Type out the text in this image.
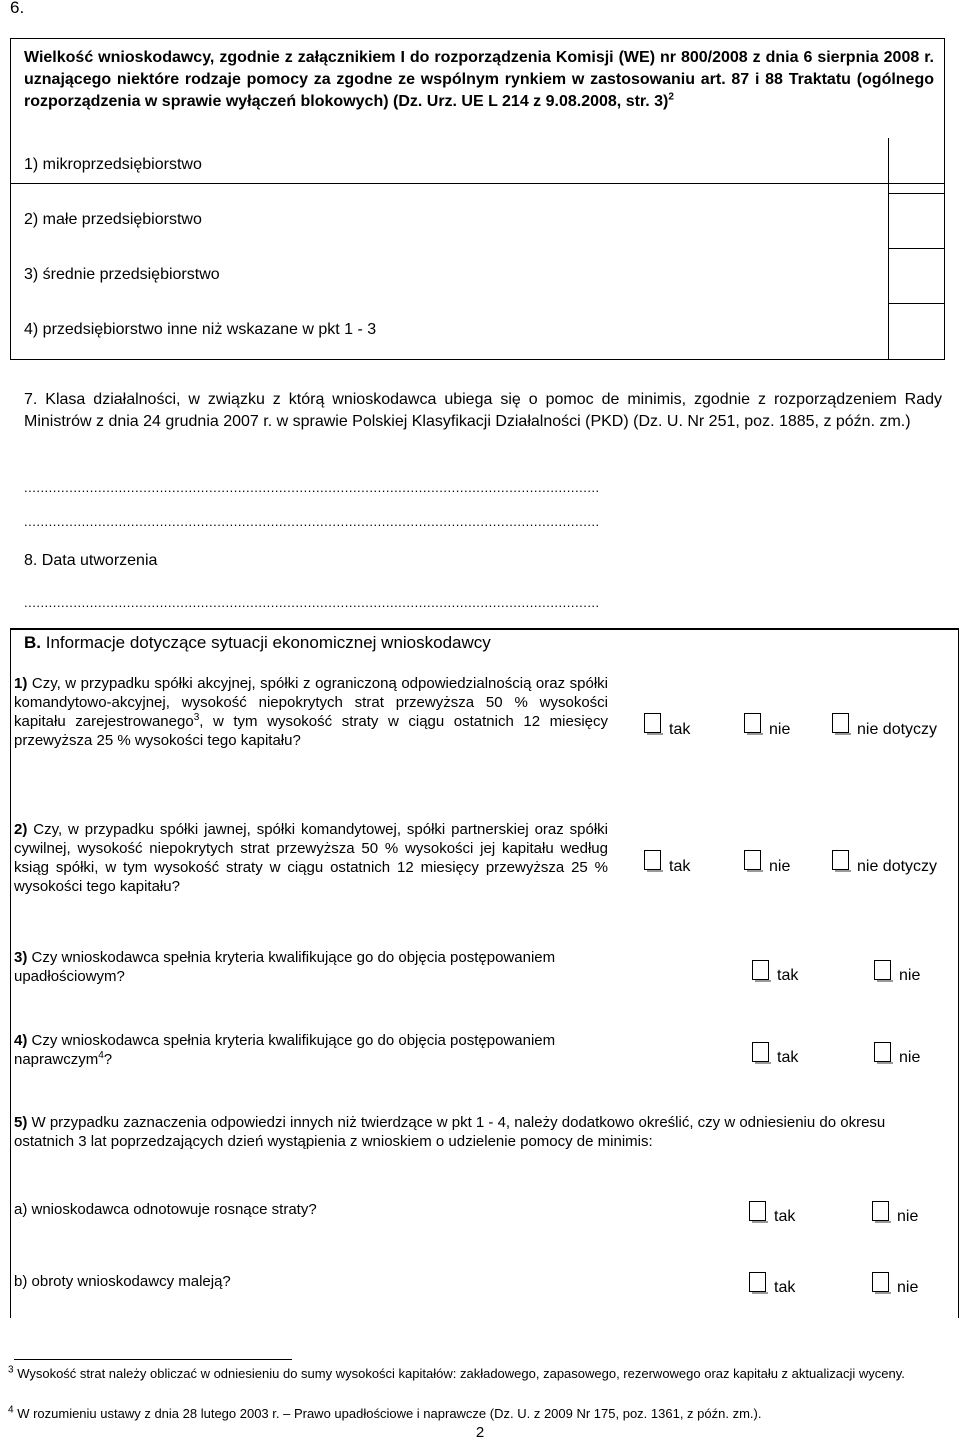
6.
Wielkość wnioskodawcy, zgodnie z załącznikiem I do rozporządzenia Komisji (WE) nr 800/2008 z dnia 6 sierpnia 2008 r. uznającego niektóre rodzaje pomocy za zgodne ze wspólnym rynkiem w zastosowaniu art. 87 i 88 Traktatu (ogólnego rozporządzenia w sprawie wyłączeń blokowych) (Dz. Urz. UE L 214 z 9.08.2008, str. 3)$^2$
1) mikroprzedsiębiorstwo
2) małe przedsiębiorstwo
3) średnie przedsiębiorstwo
4) przedsiębiorstwo inne niż wskazane w pkt 1 - 3
7. Klasa działalności, w związku z którą wnioskodawca ubiega się o pomoc de minimis, zgodnie z rozporządzeniem Rady Ministrów z dnia 24 grudnia 2007 r. w sprawie Polskiej Klasyfikacji Działalności (PKD) (Dz. U. Nr 251, poz. 1885, z późn. zm.)
............................................................................................................................................
............................................................................................................................................
8. Data utworzenia
............................................................................................................................................
B. Informacje dotyczące sytuacji ekonomicznej wnioskodawcy
1) Czy, w przypadku spółki akcyjnej, spółki z ograniczoną odpowiedzialnością oraz spółki komandytowo-akcyjnej, wysokość niepokrytych strat przewyższa 50 % wysokości kapitału zarejestrowanego$^3$, w tym wysokość straty w ciągu ostatnich 12 miesięcy przewyższa 25 % wysokości tego kapitału?
tak	nie	nie dotyczy
2) Czy, w przypadku spółki jawnej, spółki komandytowej, spółki partnerskiej oraz spółki cywilnej, wysokość niepokrytych strat przewyższa 50 % wysokości jej kapitału według ksiąg spółki, w tym wysokość straty w ciągu ostatnich 12 miesięcy przewyższa 25 % wysokości tego kapitału?
tak	nie	nie dotyczy
3) Czy wnioskodawca spełnia kryteria kwalifikujące go do objęcia postępowaniem upadłościowym?	tak	nie
4) Czy wnioskodawca spełnia kryteria kwalifikujące go do objęcia postępowaniem naprawczym$^4$?	tak	nie
5) W przypadku zaznaczenia odpowiedzi innych niż twierdzące w pkt 1 - 4, należy dodatkowo określić, czy w odniesieniu do okresu ostatnich 3 lat poprzedzających dzień wystąpienia z wnioskiem o udzielenie pomocy de minimis:
a) wnioskodawca odnotowuje rosnące straty?	tak	nie
b) obroty wnioskodawcy maleją?	tak	nie
$^3$ Wysokość strat należy obliczać w odniesieniu do sumy wysokości kapitałów: zakładowego, zapasowego, rezerwowego oraz kapitału z aktualizacji wyceny.
$^4$ W rozumieniu ustawy z dnia 28 lutego 2003 r. – Prawo upadłościowe i naprawcze (Dz. U. z 2009 Nr 175, poz. 1361, z późn. zm.).
2
